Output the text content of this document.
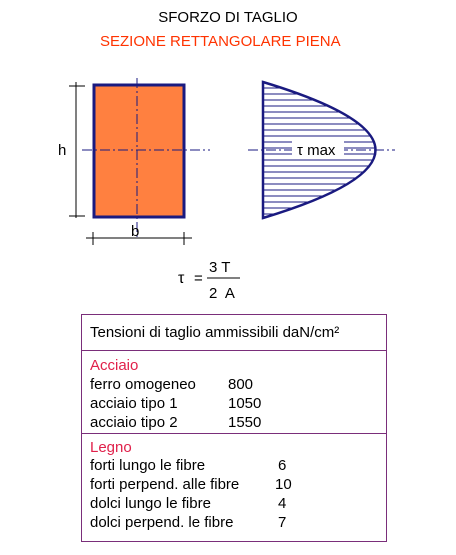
SFORZO DI TAGLIO
SEZIONE RETTANGOLARE PIENA
h
b
τ max
τ =
3 T
2  A
Tensioni di taglio ammissibili daN/cm²
Acciaio
ferro omogeneo 800
acciaio tipo 1	1050
acciaio tipo 2	1550
Legno
forti lungo le fibre	6
forti perpend. alle fibre 10
dolci lungo le fibre	4
dolci perpend. le fibre	7
